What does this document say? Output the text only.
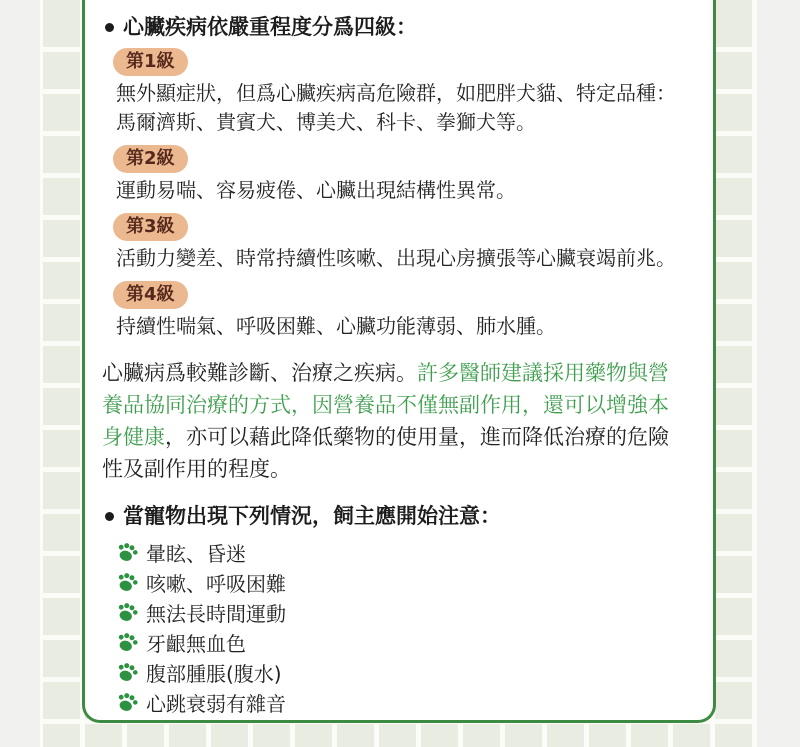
心臟疾病依嚴重程度分爲四級：
第1級
無外顯症狀，但爲心臟疾病高危險群，如肥胖犬貓、特定品種：馬爾濟斯、貴賓犬、博美犬、科卡、拳獅犬等。
第2級
運動易喘、容易疲倦、心臟出現結構性異常。
第3級
活動力變差、時常持續性咳嗽、出現心房擴張等心臟衰竭前兆。
第4級
持續性喘氣、呼吸困難、心臟功能薄弱、肺水腫。
心臟病爲較難診斷、治療之疾病。許多醫師建議採用藥物與營養品協同治療的方式，因營養品不僅無副作用，還可以增強本身健康，亦可以藉此降低藥物的使用量，進而降低治療的危險性及副作用的程度。
當寵物出現下列情況，飼主應開始注意：
暈眩、昏迷
咳嗽、呼吸困難
無法長時間運動
牙齦無血色
腹部腫脹(腹水)
心跳衰弱有雜音
